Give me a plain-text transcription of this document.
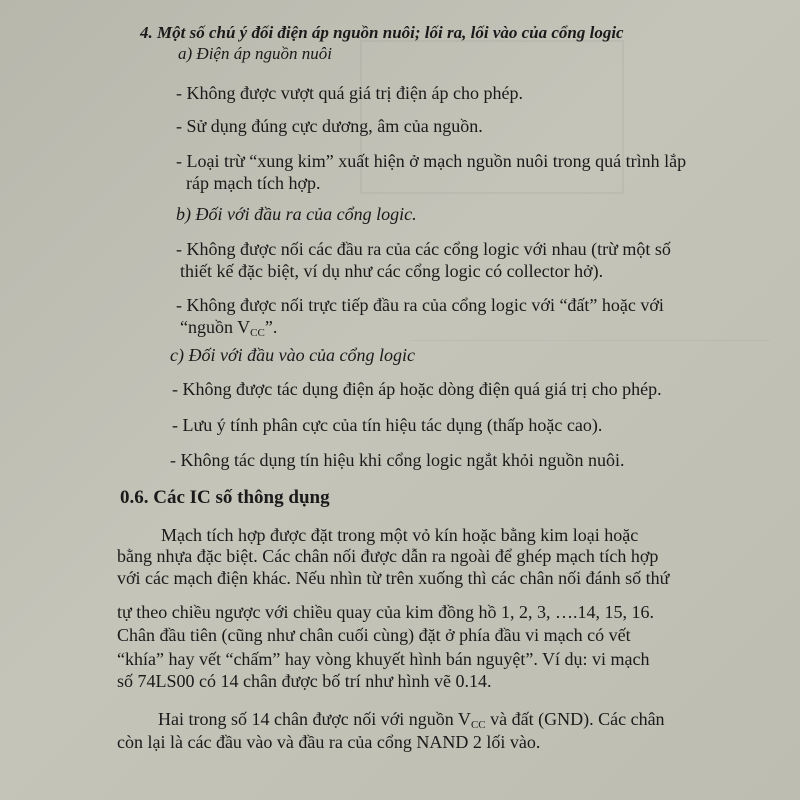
4. Một số chú ý đối điện áp nguồn nuôi; lối ra, lối vào của cổng logic
a) Điện áp nguồn nuôi
- Không được vượt quá giá trị điện áp cho phép.
- Sử dụng đúng cực dương, âm của nguồn.
- Loại trừ “xung kim” xuất hiện ở mạch nguồn nuôi trong quá trình lắp
ráp mạch tích hợp.
b) Đối với đầu ra của cổng logic.
- Không được nối các đầu ra của các cổng logic với nhau (trừ một số
thiết kế đặc biệt, ví dụ như các cổng logic có collector hở).
- Không được nối trực tiếp đầu ra của cổng logic với “đất” hoặc với
“nguồn $V_{CC}$”.
c) Đối với đầu vào của cổng logic
- Không được tác dụng điện áp hoặc dòng điện quá giá trị cho phép.
- Lưu ý tính phân cực của tín hiệu tác dụng (thấp hoặc cao).
- Không tác dụng tín hiệu khi cổng logic ngắt khỏi nguồn nuôi.
0.6. Các IC số thông dụng
Mạch tích hợp được đặt trong một vỏ kín hoặc bằng kim loại hoặc
bằng nhựa đặc biệt. Các chân nối được dẫn ra ngoài để ghép mạch tích hợp
với các mạch điện khác. Nếu nhìn từ trên xuống thì các chân nối đánh số thứ
tự theo chiều ngược với chiều quay của kim đồng hồ 1, 2, 3, ….14, 15, 16.
Chân đầu tiên (cũng như chân cuối cùng) đặt ở phía đầu vi mạch có vết
“khía” hay vết “chấm” hay vòng khuyết hình bán nguyệt”. Ví dụ: vi mạch
số 74LS00 có 14 chân được bố trí như hình vẽ 0.14.
Hai trong số 14 chân được nối với nguồn $V_{CC}$ và đất (GND). Các chân
còn lại là các đầu vào và đầu ra của cổng NAND 2 lối vào.
